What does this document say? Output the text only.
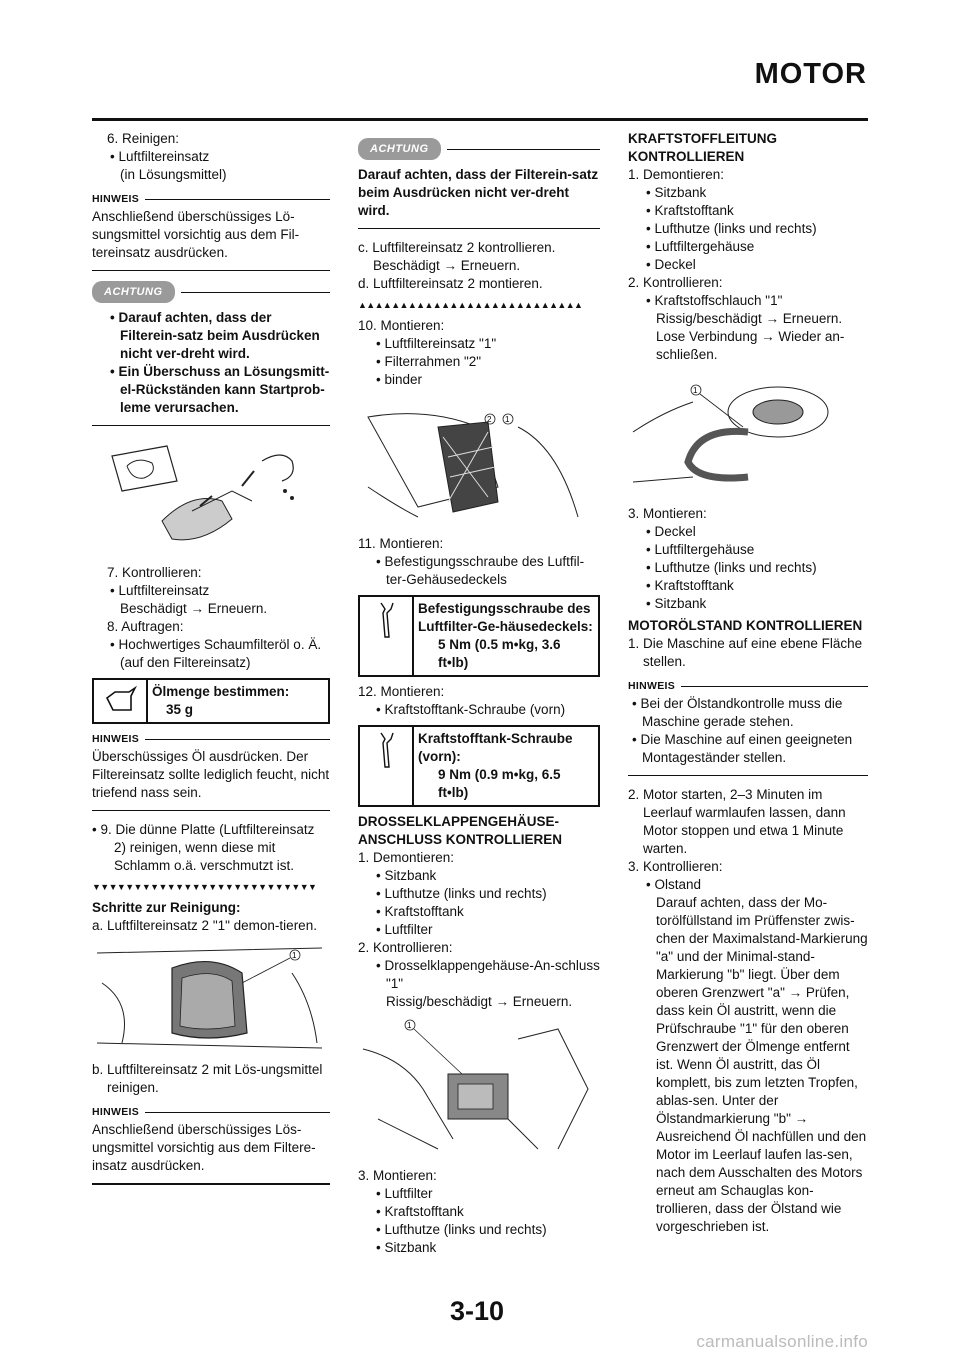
MOTOR

6. Reinigen:

• Luftfiltereinsatz

(in Lösungsmittel)

HINWEIS

Anschließend überschüssiges Lö-sungsmittel vorsichtig aus dem Fil-tereinsatz ausdrücken.

ACHTUNG

• Darauf achten, dass der Filterein-satz beim Ausdrücken nicht ver-dreht wird.

• Ein Überschuss an Lösungsmitt-el-Rückständen kann Startprob-leme verursachen.

7. Kontrollieren:

• Luftfiltereinsatz

Beschädigt → Erneuern.

8. Auftragen:

• Hochwertiges Schaumfilteröl o. Ä.

(auf den Filtereinsatz)

Ölmenge bestimmen:
35 g
HINWEIS

Überschüssiges Öl ausdrücken. Der Filtereinsatz sollte lediglich feucht, nicht triefend nass sein.

• 9. Die dünne Platte (Luftfiltereinsatz 2) reinigen, wenn diese mit Schlamm o.ä. verschmutzt ist.

▼▼▼▼▼▼▼▼▼▼▼▼▼▼▼▼▼▼▼▼▼▼▼▼▼▼▼

Schritte zur Reinigung:

a. Luftfiltereinsatz 2 "1" demon-tieren.

1

b. Luftfiltereinsatz 2 mit Lös-ungsmittel reinigen.

HINWEIS

Anschließend überschüssiges Lös-ungsmittel vorsichtig aus dem Filtere-insatz ausdrücken.

ACHTUNG

Darauf achten, dass der Filterein-satz beim Ausdrücken nicht ver-dreht wird.

c. Luftfiltereinsatz 2 kontrollieren.

Beschädigt → Erneuern.

d. Luftfiltereinsatz 2 montieren.

▲▲▲▲▲▲▲▲▲▲▲▲▲▲▲▲▲▲▲▲▲▲▲▲▲▲▲

10. Montieren:

• Luftfiltereinsatz "1"

• Filterrahmen "2"

• binder

2 1

11. Montieren:

• Befestigungsschraube des Luftfil-ter-Gehäusedeckels

Befestigungsschraube des Luftfilter-Ge-häusedeckels:
5 Nm (0.5 m•kg, 3.6 ft•lb)

12. Montieren:

• Kraftstofftank-Schraube (vorn)

Kraftstofftank-Schraube (vorn):
9 Nm (0.9 m•kg, 6.5 ft•lb)

DROSSELKLAPPENGEHÄUSE-ANSCHLUSS KONTROLLIEREN

1. Demontieren:

• Sitzbank

• Lufthutze (links und rechts)

• Kraftstofftank

• Luftfilter

2. Kontrollieren:

• Drosselklappengehäuse-An-schluss "1"

Rissig/beschädigt → Erneuern.

1

3. Montieren:

• Luftfilter

• Kraftstofftank

• Lufthutze (links und rechts)

• Sitzbank

KRAFTSTOFFLEITUNG KONTROLLIEREN

1. Demontieren:

• Sitzbank

• Kraftstofftank

• Lufthutze (links und rechts)

• Luftfiltergehäuse

• Deckel

2. Kontrollieren:

• Kraftstoffschlauch "1"

Rissig/beschädigt → Erneuern.

Lose Verbindung → Wieder an-schließen.

1

3. Montieren:

• Deckel

• Luftfiltergehäuse

• Lufthutze (links und rechts)

• Kraftstofftank

• Sitzbank

MOTORÖLSTAND KONTROLLIEREN

1. Die Maschine auf eine ebene Fläche stellen.

HINWEIS

• Bei der Ölstandkontrolle muss die Maschine gerade stehen.

• Die Maschine auf einen geeigneten Montageständer stellen.

2. Motor starten, 2–3 Minuten im Leerlauf warmlaufen lassen, dann Motor stoppen und etwa 1 Minute warten.

3. Kontrollieren:

• Olstand

Darauf achten, dass der Mo-torölfüllstand im Prüffenster zwis-chen der Maximalstand-Markierung "a" und der Minimal-stand-Markierung "b" liegt. Über dem oberen Grenzwert "a" → Prüfen, dass kein Öl austritt, wenn die Prüfschraube "1" für den oberen Grenzwert der Ölmenge entfernt ist. Wenn Öl austritt, das Öl komplett, bis zum letzten Tropfen, ablas-sen. Unter der Ölstandmarkierung "b" → Ausreichend Öl nachfüllen und den Motor im Leerlauf laufen las-sen, nach dem Ausschalten des Motors erneut am Schauglas kon-trollieren, dass der Ölstand wie vorgeschrieben ist.

3-10
carmanualsonline.info
